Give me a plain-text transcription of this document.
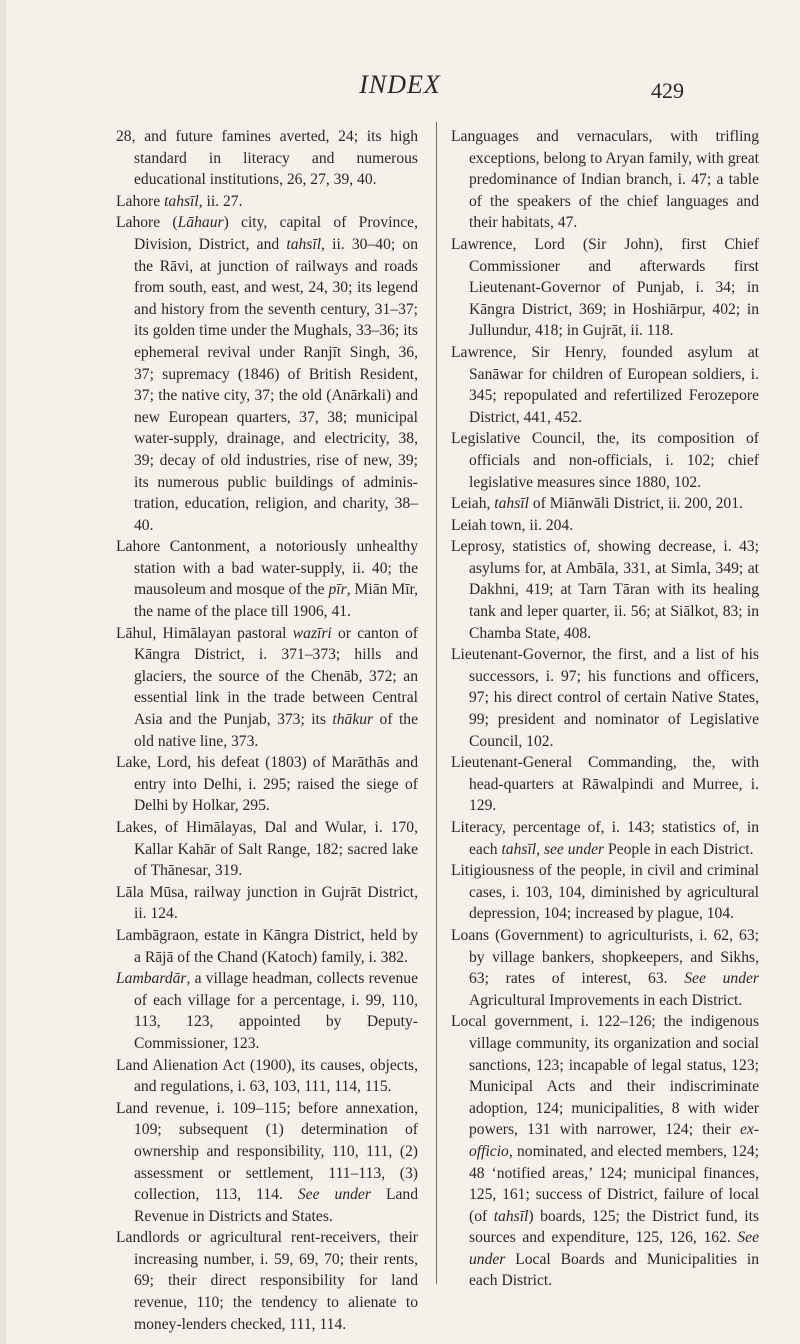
INDEX	429

28, and future famines averted, 24; its high standard in literacy and numerous educational institutions, 26, 27, 39, 40.

Lahore tahsīl, ii. 27.

Lahore (Lāhaur) city, capital of Province, Division, District, and tahsīl, ii. 30–40; on the Rāvi, at junction of railways and roads from south, east, and west, 24, 30; its legend and history from the seventh century, 31–37; its golden time under the Mughals, 33–36; its ephemeral revival under Ranjīt Singh, 36, 37; supremacy (1846) of British Resident, 37; the native city, 37; the old (Anārkali) and new European quarters, 37, 38; municipal water-supply, drainage, and electricity, 38, 39; decay of old industries, rise of new, 39; its numerous public buildings of administration, education, religion, and charity, 38–40.

Lahore Cantonment, a notoriously unhealthy station with a bad water-supply, ii. 40; the mausoleum and mosque of the pīr, Miān Mīr, the name of the place till 1906, 41.

Lāhul, Himālayan pastoral wazīri or canton of Kāngra District, i. 371–373; hills and glaciers, the source of the Chenāb, 372; an essential link in the trade between Central Asia and the Punjab, 373; its thākur of the old native line, 373.

Lake, Lord, his defeat (1803) of Marāthās and entry into Delhi, i. 295; raised the siege of Delhi by Holkar, 295.

Lakes, of Himālayas, Dal and Wular, i. 170, Kallar Kahār of Salt Range, 182; sacred lake of Thānesar, 319.

Lāla Mūsa, railway junction in Gujrāt District, ii. 124.

Lambāgraon, estate in Kāngra District, held by a Rājā of the Chand (Katoch) family, i. 382.

Lambardār, a village headman, collects revenue of each village for a percentage, i. 99, 110, 113, 123, appointed by Deputy-Commissioner, 123.

Land Alienation Act (1900), its causes, objects, and regulations, i. 63, 103, 111, 114, 115.

Land revenue, i. 109–115; before annexation, 109; subsequent (1) determination of ownership and responsibility, 110, 111, (2) assessment or settlement, 111–113, (3) collection, 113, 114. See under Land Revenue in Districts and States.

Landlords or agricultural rent-receivers, their increasing number, i. 59, 69, 70; their rents, 69; their direct responsibility for land revenue, 110; the tendency to alienate to money-lenders checked, 111, 114.

Languages and vernaculars, with trifling exceptions, belong to Aryan family, with great predominance of Indian branch, i. 47; a table of the speakers of the chief languages and their habitats, 47.

Lawrence, Lord (Sir John), first Chief Commissioner and afterwards first Lieutenant-Governor of Punjab, i. 34; in Kāngra District, 369; in Hoshiārpur, 402; in Jullundur, 418; in Gujrāt, ii. 118.

Lawrence, Sir Henry, founded asylum at Sanāwar for children of European soldiers, i. 345; repopulated and refertilized Ferozepore District, 441, 452.

Legislative Council, the, its composition of officials and non-officials, i. 102; chief legislative measures since 1880, 102.

Leiah, tahsīl of Miānwāli District, ii. 200, 201.

Leiah town, ii. 204.

Leprosy, statistics of, showing decrease, i. 43; asylums for, at Ambāla, 331, at Simla, 349; at Dakhni, 419; at Tarn Tāran with its healing tank and leper quarter, ii. 56; at Siālkot, 83; in Chamba State, 408.

Lieutenant-Governor, the first, and a list of his successors, i. 97; his functions and officers, 97; his direct control of certain Native States, 99; president and nominator of Legislative Council, 102.

Lieutenant-General Commanding, the, with head-quarters at Rāwalpindi and Murree, i. 129.

Literacy, percentage of, i. 143; statistics of, in each tahsīl, see under People in each District.

Litigiousness of the people, in civil and criminal cases, i. 103, 104, diminished by agricultural depression, 104; increased by plague, 104.

Loans (Government) to agriculturists, i. 62, 63; by village bankers, shopkeepers, and Sikhs, 63; rates of interest, 63. See under Agricultural Improvements in each District.

Local government, i. 122–126; the indigenous village community, its organization and social sanctions, 123; incapable of legal status, 123; Municipal Acts and their indiscriminate adoption, 124; municipalities, 8 with wider powers, 131 with narrower, 124; their ex-officio, nominated, and elected members, 124; 48 ‘notified areas,’ 124; municipal finances, 125, 161; success of District, failure of local (of tahsīl) boards, 125; the District fund, its sources and expenditure, 125, 126, 162. See under Local Boards and Municipalities in each District.
